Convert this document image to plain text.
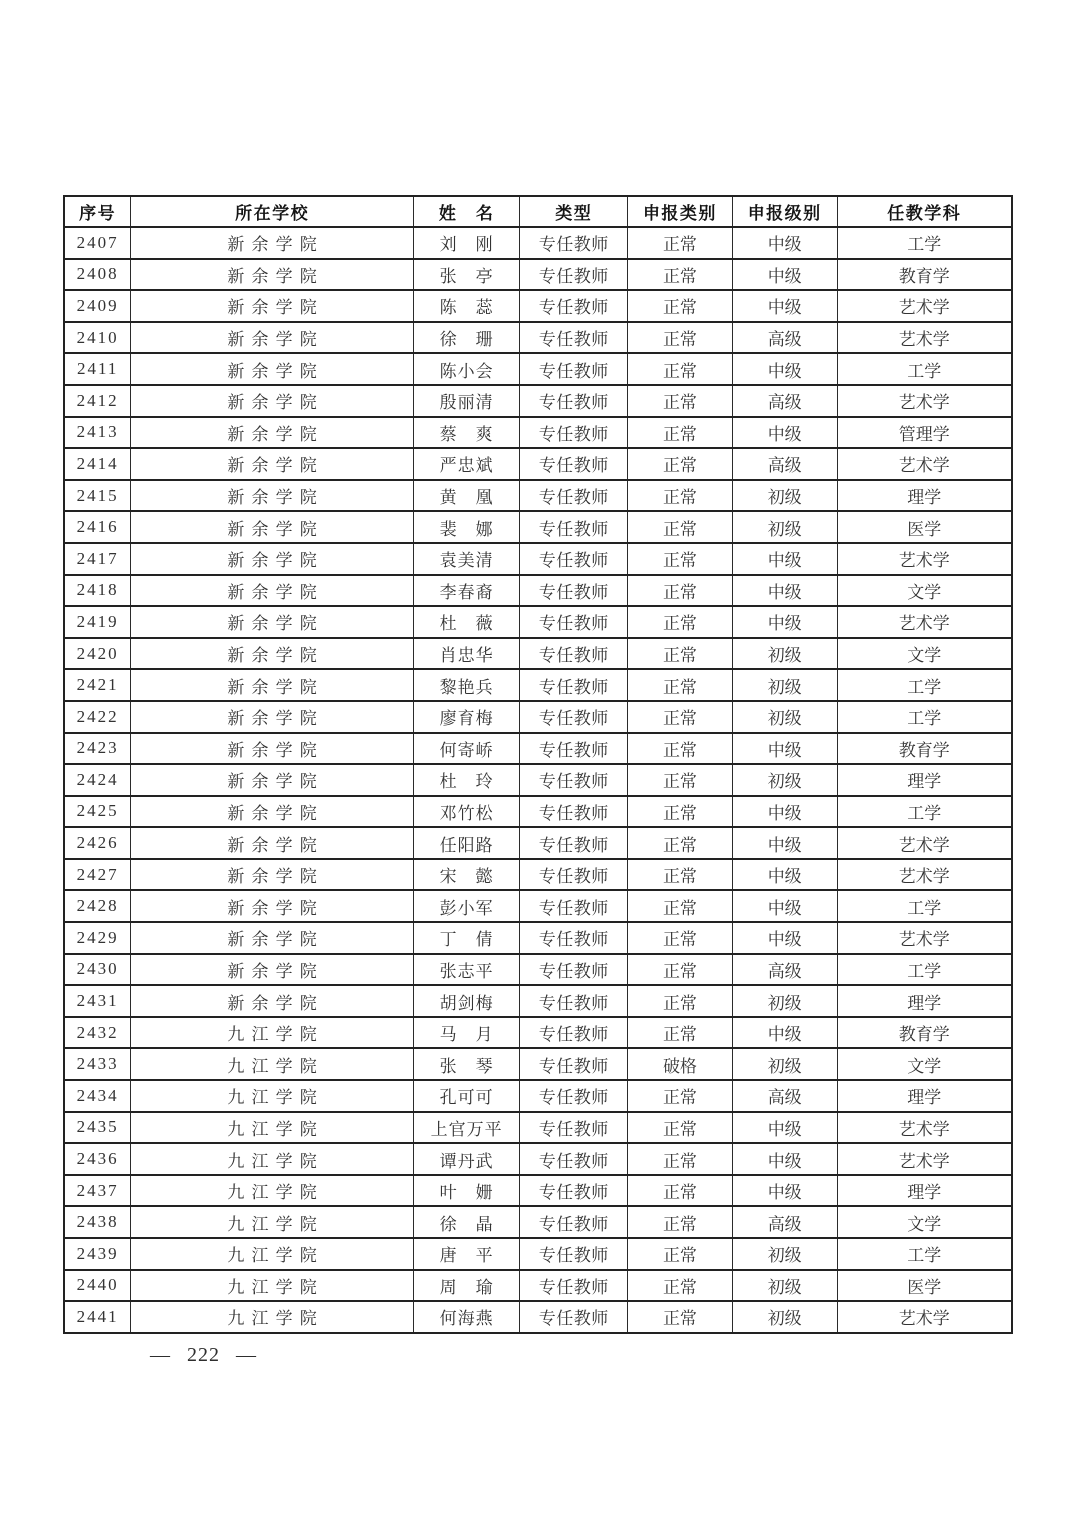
序号	所在学校	姓　名	类型	申报类别	申报级别	任教学科
2407	新余学院	刘　刚	专任教师	正常	中级	工学
2408	新余学院	张　亭	专任教师	正常	中级	教育学
2409	新余学院	陈　蕊	专任教师	正常	中级	艺术学
2410	新余学院	徐　珊	专任教师	正常	高级	艺术学
2411	新余学院	陈小会	专任教师	正常	中级	工学
2412	新余学院	殷丽清	专任教师	正常	高级	艺术学
2413	新余学院	蔡　爽	专任教师	正常	中级	管理学
2414	新余学院	严忠斌	专任教师	正常	高级	艺术学
2415	新余学院	黄　凰	专任教师	正常	初级	理学
2416	新余学院	裴　娜	专任教师	正常	初级	医学
2417	新余学院	袁美清	专任教师	正常	中级	艺术学
2418	新余学院	李春裔	专任教师	正常	中级	文学
2419	新余学院	杜　薇	专任教师	正常	中级	艺术学
2420	新余学院	肖忠华	专任教师	正常	初级	文学
2421	新余学院	黎艳兵	专任教师	正常	初级	工学
2422	新余学院	廖育梅	专任教师	正常	初级	工学
2423	新余学院	何寄峤	专任教师	正常	中级	教育学
2424	新余学院	杜　玲	专任教师	正常	初级	理学
2425	新余学院	邓竹松	专任教师	正常	中级	工学
2426	新余学院	任阳路	专任教师	正常	中级	艺术学
2427	新余学院	宋　懿	专任教师	正常	中级	艺术学
2428	新余学院	彭小军	专任教师	正常	中级	工学
2429	新余学院	丁　倩	专任教师	正常	中级	艺术学
2430	新余学院	张志平	专任教师	正常	高级	工学
2431	新余学院	胡剑梅	专任教师	正常	初级	理学
2432	九江学院	马　月	专任教师	正常	中级	教育学
2433	九江学院	张　琴	专任教师	破格	初级	文学
2434	九江学院	孔可可	专任教师	正常	高级	理学
2435	九江学院	上官万平	专任教师	正常	中级	艺术学
2436	九江学院	谭丹武	专任教师	正常	中级	艺术学
2437	九江学院	叶　姗	专任教师	正常	中级	理学
2438	九江学院	徐　晶	专任教师	正常	高级	文学
2439	九江学院	唐　平	专任教师	正常	初级	工学
2440	九江学院	周　瑜	专任教师	正常	初级	医学
2441	九江学院	何海燕	专任教师	正常	初级	艺术学
— 222 —
